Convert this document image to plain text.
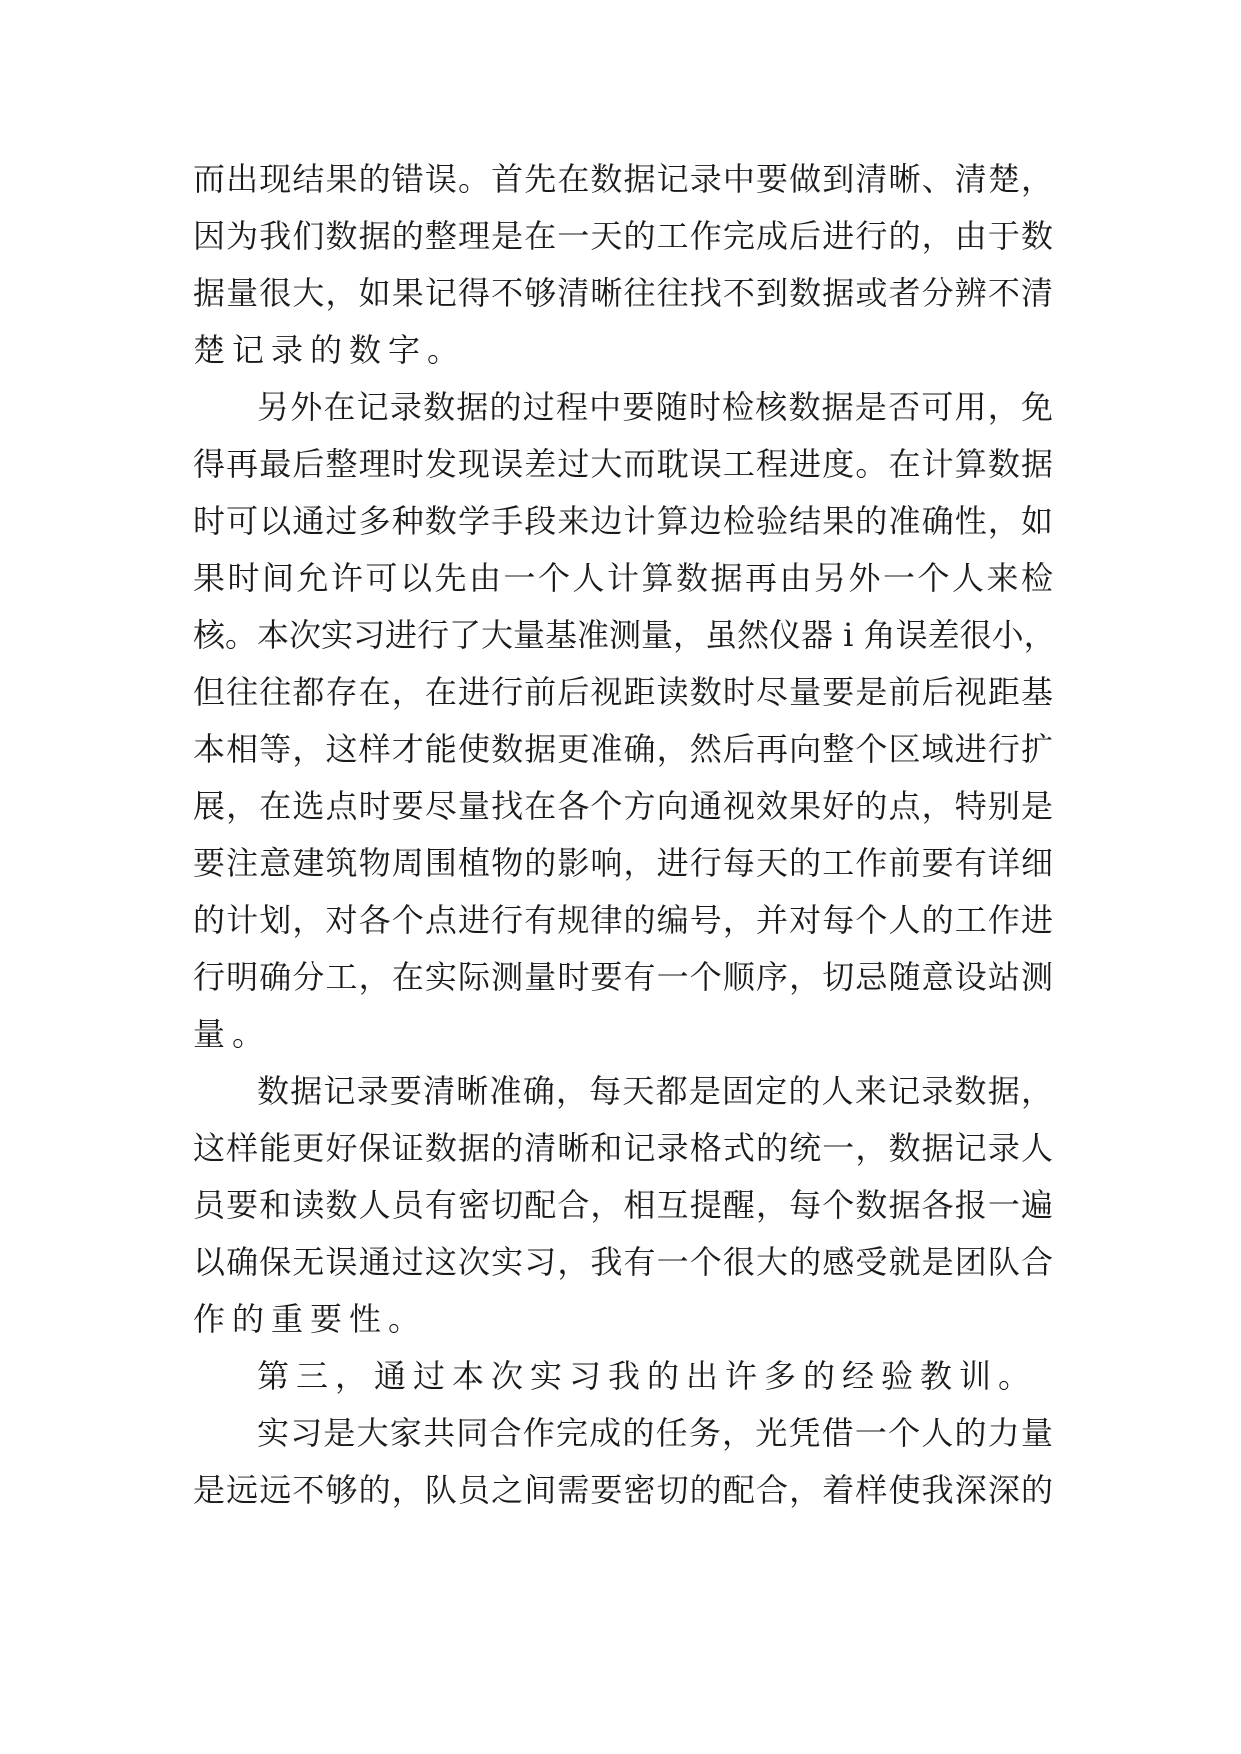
而出现结果的错误。首先在数据记录中要做到清晰、清楚，
因为我们数据的整理是在一天的工作完成后进行的，由于数
据量很大，如果记得不够清晰往往找不到数据或者分辨不清
楚记录的数字。
另外在记录数据的过程中要随时检核数据是否可用，免
得再最后整理时发现误差过大而耽误工程进度。在计算数据
时可以通过多种数学手段来边计算边检验结果的准确性，如
果时间允许可以先由一个人计算数据再由另外一个人来检
核。本次实习进行了大量基准测量，虽然仪器 i 角误差很小，
但往往都存在，在进行前后视距读数时尽量要是前后视距基
本相等，这样才能使数据更准确，然后再向整个区域进行扩
展，在选点时要尽量找在各个方向通视效果好的点，特别是
要注意建筑物周围植物的影响，进行每天的工作前要有详细
的计划，对各个点进行有规律的编号，并对每个人的工作进
行明确分工，在实际测量时要有一个顺序，切忌随意设站测
量。
数据记录要清晰准确，每天都是固定的人来记录数据，
这样能更好保证数据的清晰和记录格式的统一，数据记录人
员要和读数人员有密切配合，相互提醒，每个数据各报一遍
以确保无误通过这次实习，我有一个很大的感受就是团队合
作的重要性。
第三，通过本次实习我的出许多的经验教训。
实习是大家共同合作完成的任务，光凭借一个人的力量
是远远不够的，队员之间需要密切的配合，着样使我深深的
